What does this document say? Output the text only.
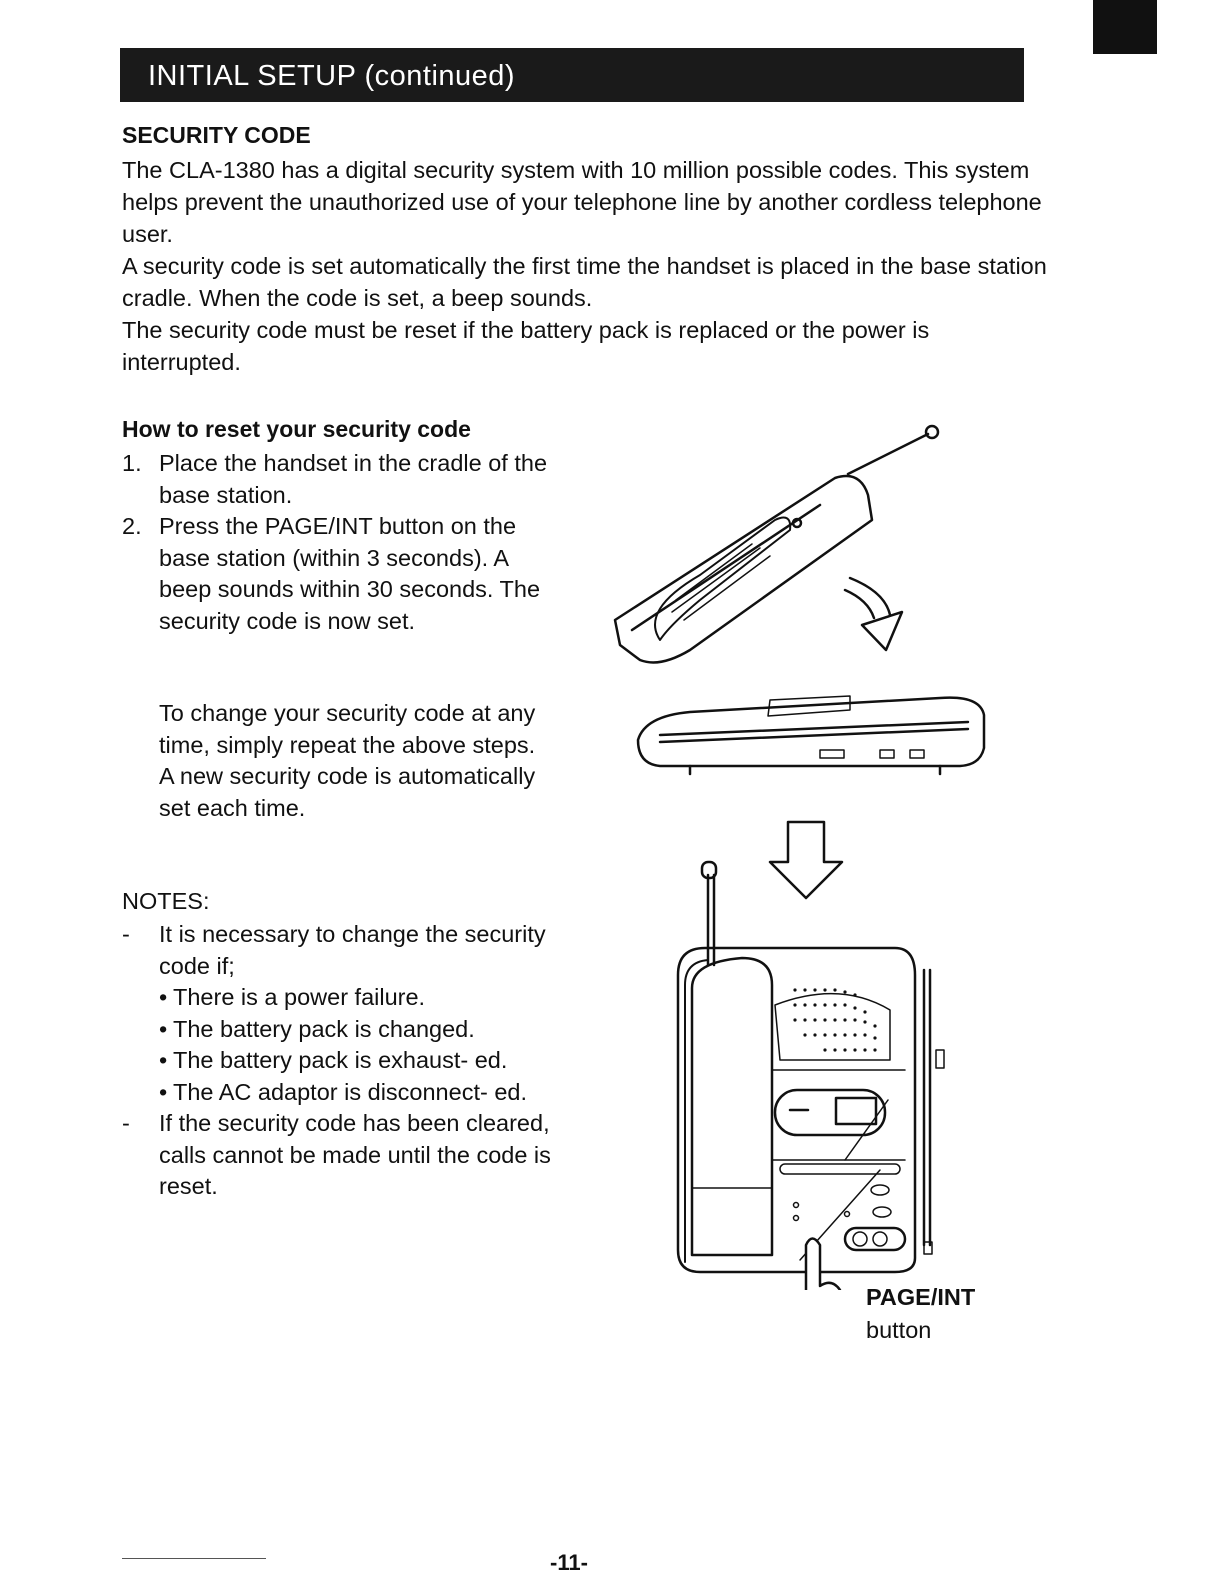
INITIAL SETUP (continued)
SECURITY CODE

The CLA-1380 has a digital security system with 10 million possible codes. This system helps prevent the unauthorized use of your telephone line by another cordless telephone user.

A security code is set automatically the first time the handset is placed in the base station cradle. When the code is set, a beep sounds.

The security code must be reset if the battery pack is replaced or the power is interrupted.

How to reset your security code
1. Place the handset in the cradle of the base station.
2. Press the PAGE/INT button on the base station (within 3 seconds). A beep sounds within 30 seconds. The security code is now set.
To change your security code at any time, simply repeat the above steps. A new security code is automatically set each time.
NOTES:
- It is necessary to change the security code if;
• There is a power failure.
• The battery pack is changed.
• The battery pack is exhaust- ed.
• The AC adaptor is disconnect- ed.
- If the security code has been cleared, calls cannot be made until the code is reset.
PAGE/INT
button
-11-
